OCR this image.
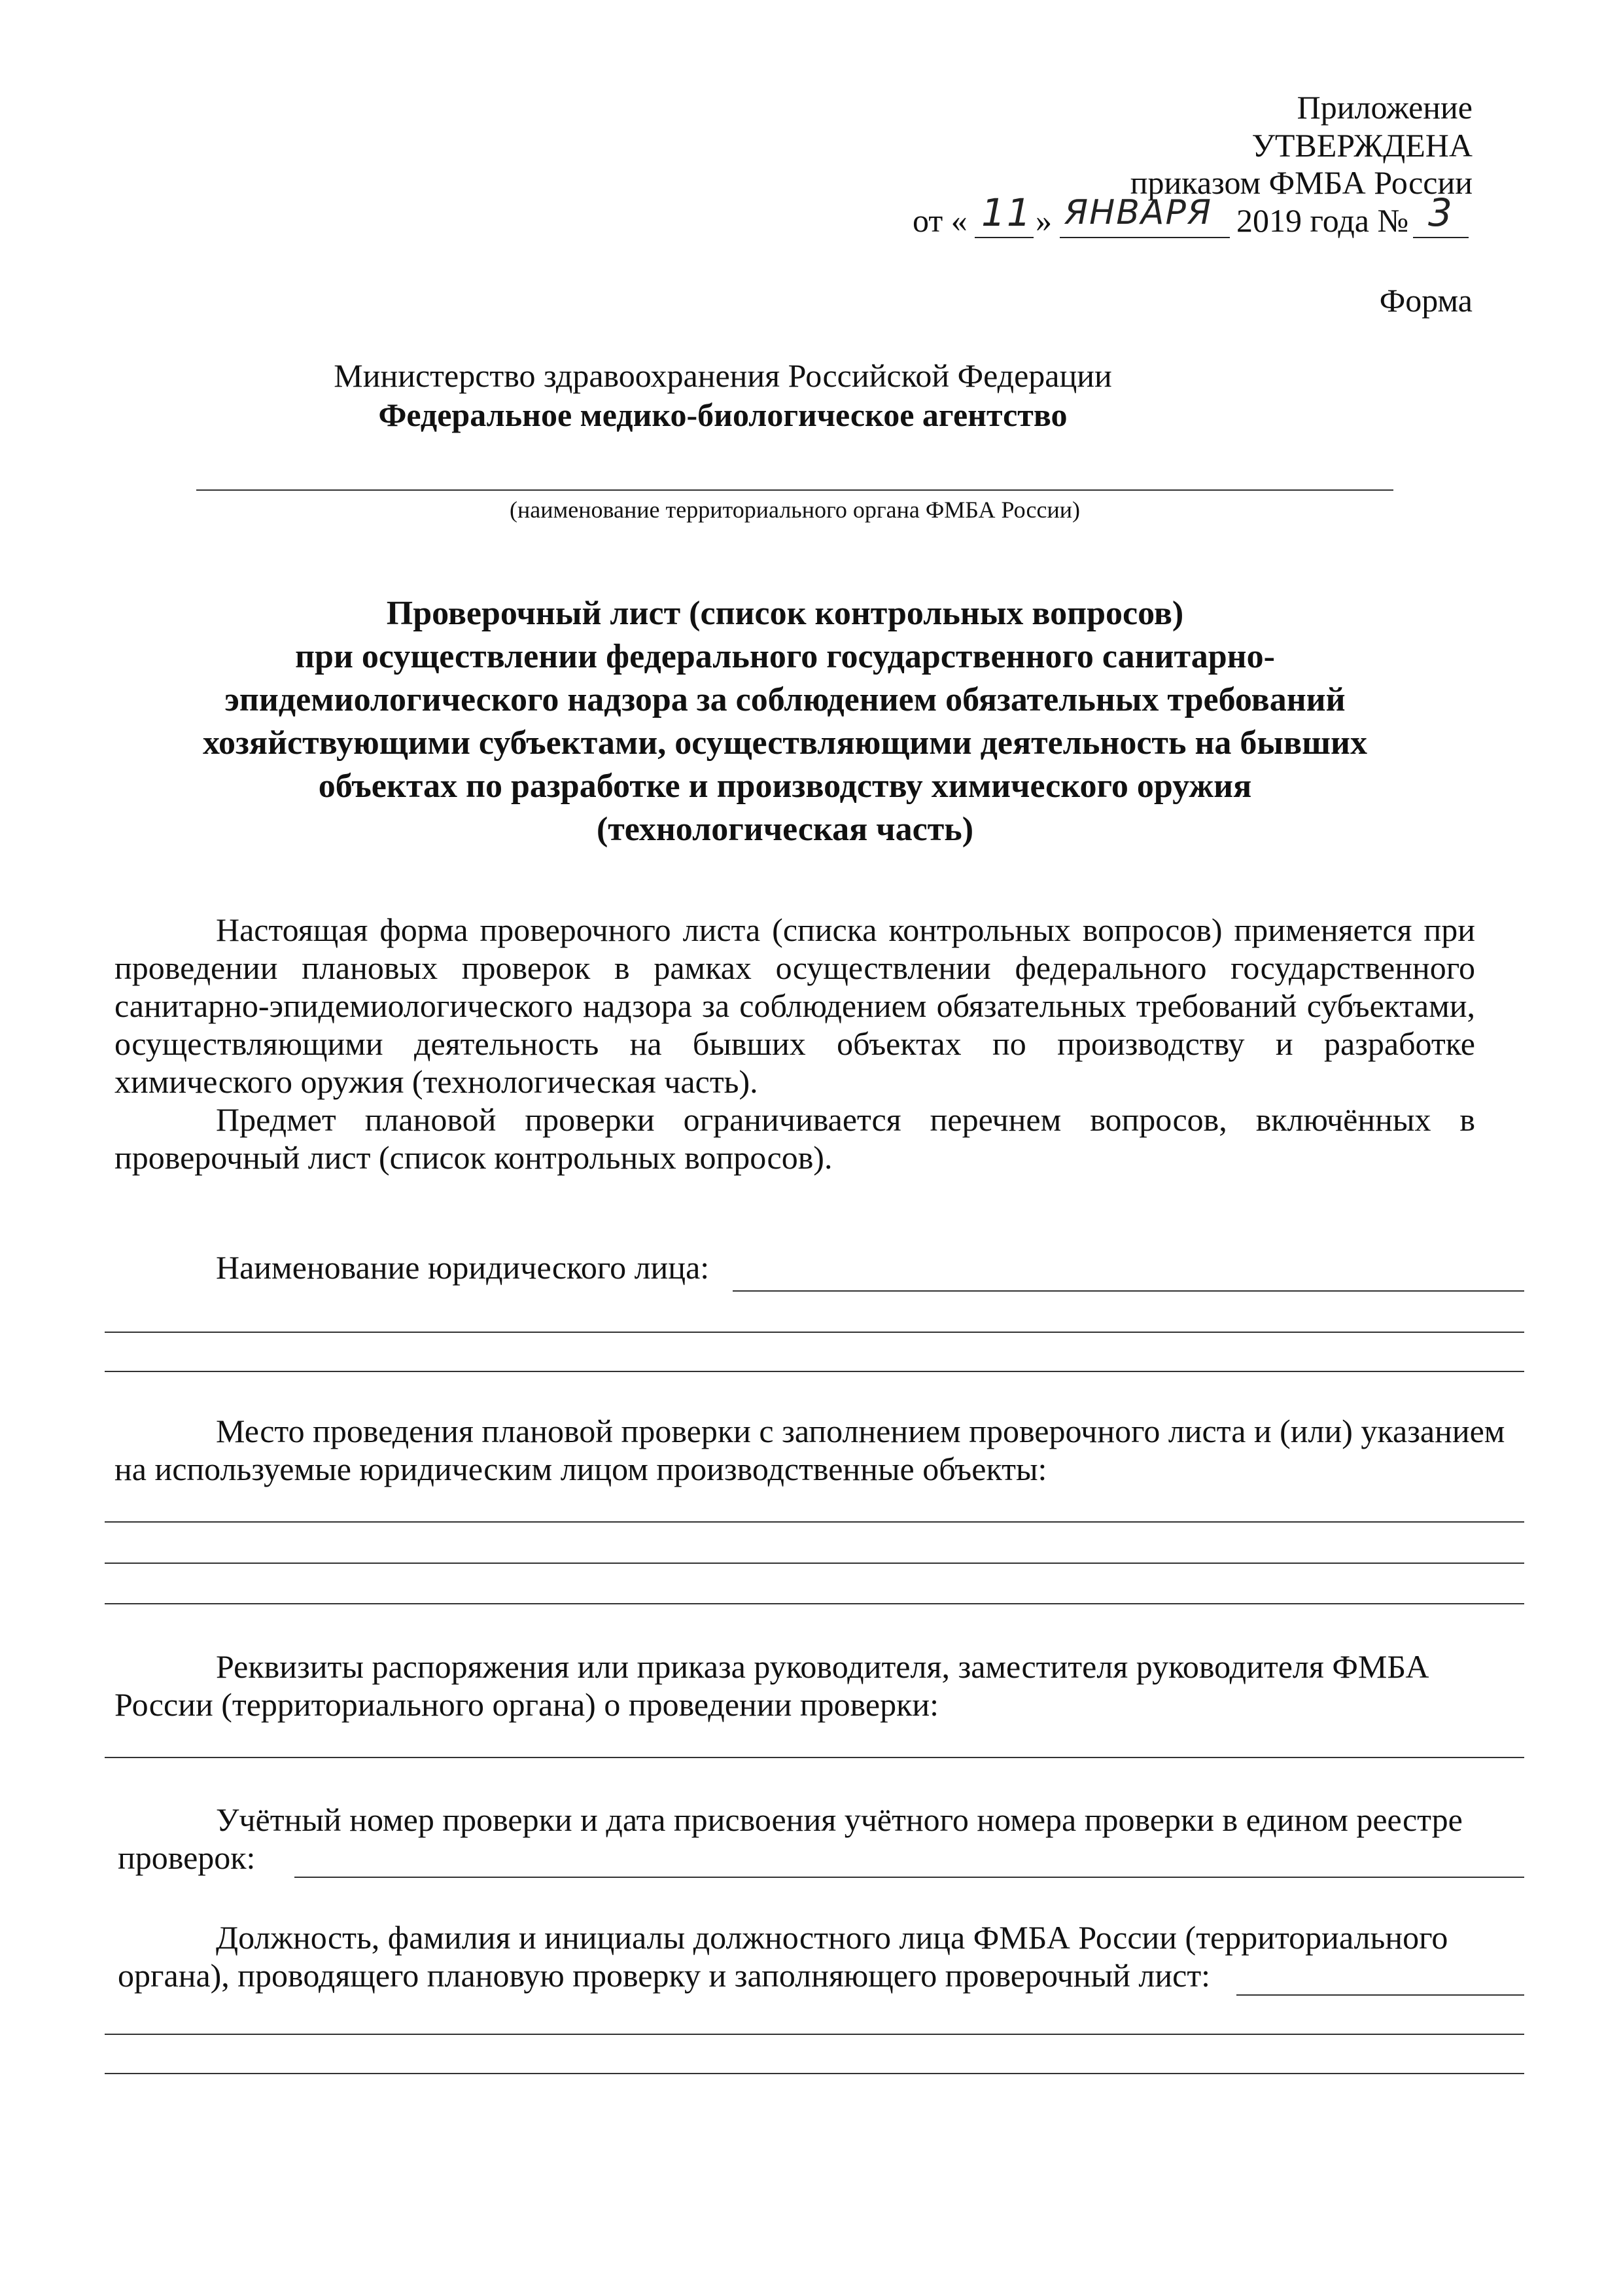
Приложение
УТВЕРЖДЕНА
приказом ФМБА России
от « 11 » ЯНВАРЯ 2019 года № 3
Форма
Министерство здравоохранения Российской Федерации
Федеральное медико-биологическое агентство
(наименование территориального органа ФМБА России)
Проверочный лист (список контрольных вопросов)
при осуществлении федерального государственного санитарно-
эпидемиологического надзора за соблюдением обязательных требований
хозяйствующими субъектами, осуществляющими деятельность на бывших
объектах по разработке и производству химического оружия
(технологическая часть)

Настоящая форма проверочного листа (списка контрольных вопросов) применяется при проведении плановых проверок в рамках осуществлении федерального государственного санитарно-эпидемиологического надзора за соблюдением обязательных требований субъектами, осуществляющими деятельность на бывших объектах по производству и разработке химического оружия (технологическая часть).

Предмет плановой проверки ограничивается перечнем вопросов, включённых в проверочный лист (список контрольных вопросов).

Наименование юридического лица:
Место проведения плановой проверки с заполнением проверочного листа и (или) указанием
на используемые юридическим лицом производственные объекты:
Реквизиты распоряжения или приказа руководителя, заместителя руководителя ФМБА
России (территориального органа) о проведении проверки:
Учётный номер проверки и дата присвоения учётного номера проверки в едином реестре
проверок:
Должность, фамилия и инициалы должностного лица ФМБА России (территориального
органа), проводящего плановую проверку и заполняющего проверочный лист:
